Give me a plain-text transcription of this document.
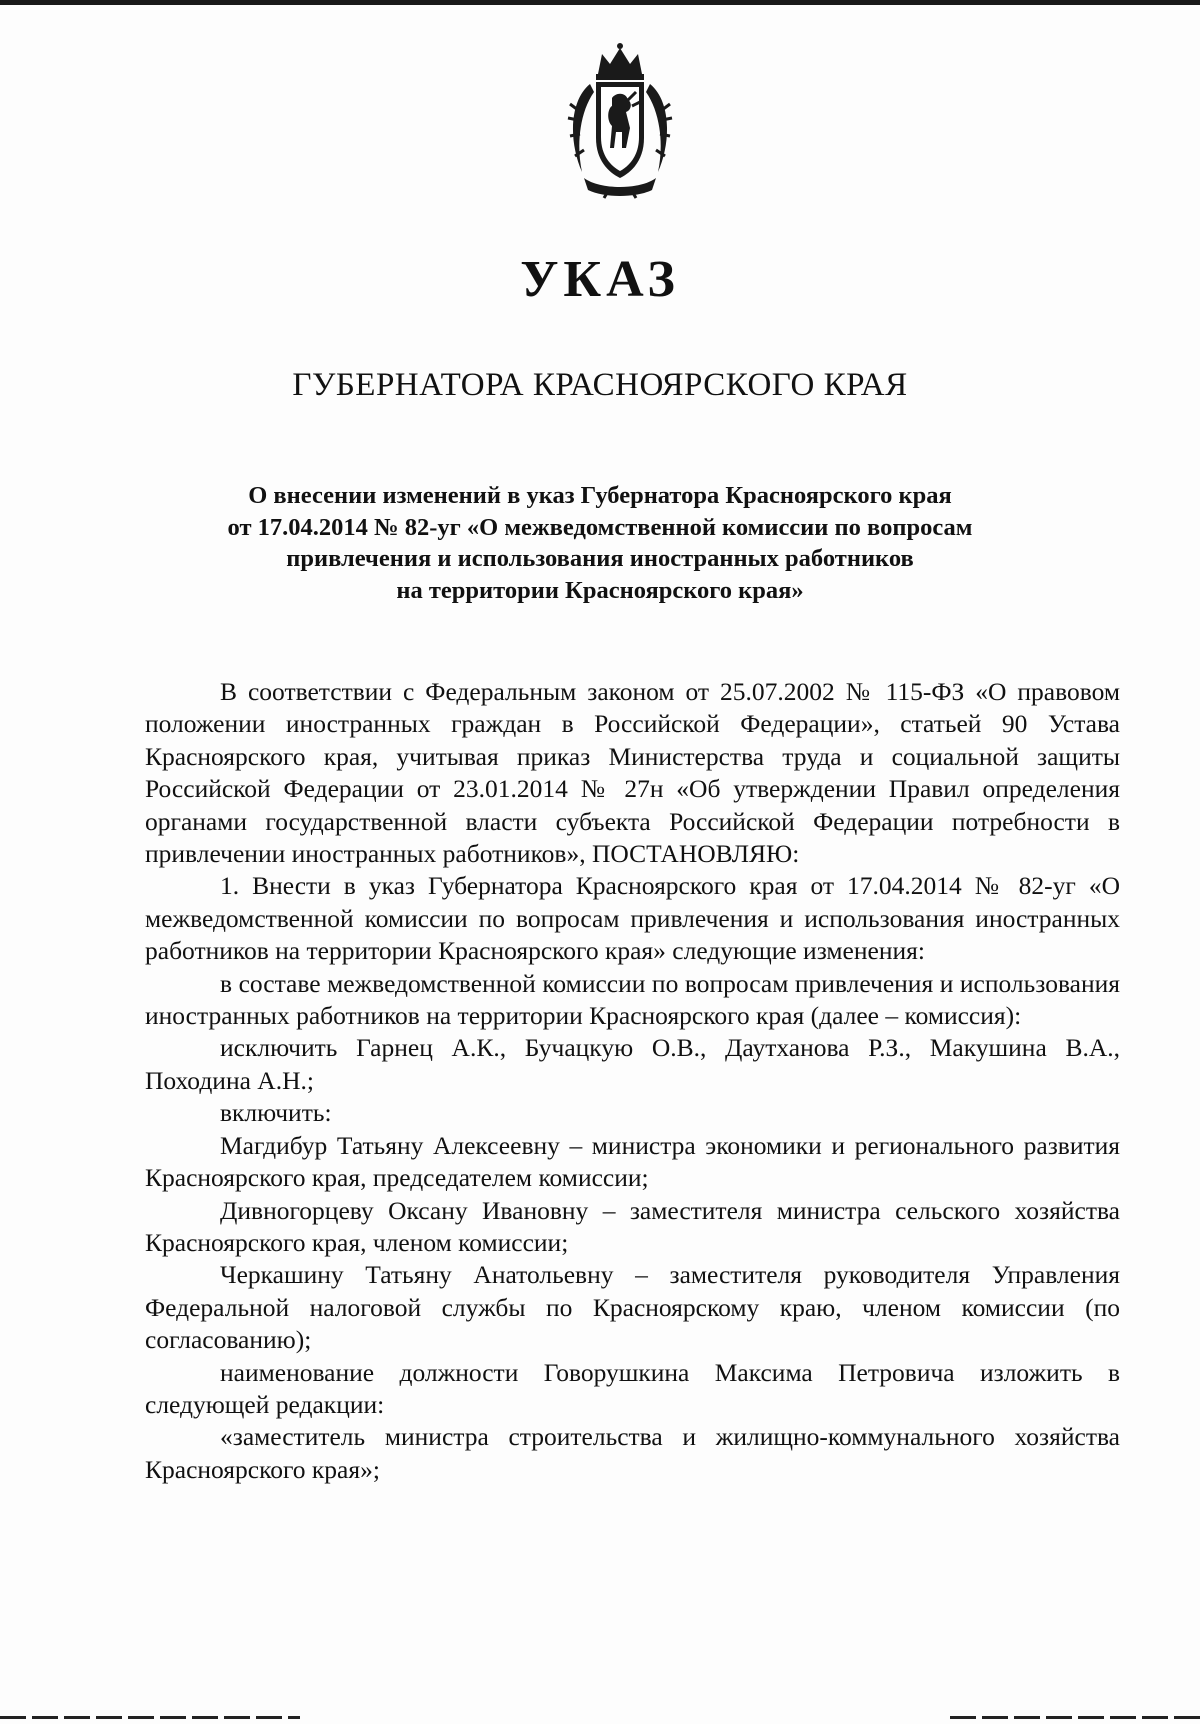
УКАЗ
ГУБЕРНАТОРА КРАСНОЯРСКОГО КРАЯ
О внесении изменений в указ Губернатора Красноярского края
от 17.04.2014 № 82-уг «О межведомственной комиссии по вопросам
привлечения и использования иностранных работников
на территории Красноярского края»

В соответствии с Федеральным законом от 25.07.2002 № 115-ФЗ «О правовом положении иностранных граждан в Российской Федерации», статьей 90 Устава Красноярского края, учитывая приказ Министерства труда и социальной защиты Российской Федерации от 23.01.2014 № 27н «Об утверждении Правил определения органами государственной власти субъекта Российской Федерации потребности в привлечении иностранных работников», ПОСТАНОВЛЯЮ:

1. Внести в указ Губернатора Красноярского края от 17.04.2014 № 82-уг «О межведомственной комиссии по вопросам привлечения и использования иностранных работников на территории Красноярского края» следующие изменения:

в составе межведомственной комиссии по вопросам привлечения и использования иностранных работников на территории Красноярского края (далее – комиссия):

исключить Гарнец А.К., Бучацкую О.В., Даутханова Р.З., Макушина В.А., Походина А.Н.;

включить:

Магдибур Татьяну Алексеевну – министра экономики и регионального развития Красноярского края, председателем комиссии;

Дивногорцеву Оксану Ивановну – заместителя министра сельского хозяйства Красноярского края, членом комиссии;

Черкашину Татьяну Анатольевну – заместителя руководителя Управления Федеральной налоговой службы по Красноярскому краю, членом комиссии (по согласованию);

наименование должности Говорушкина Максима Петровича изложить в следующей редакции:

«заместитель министра строительства и жилищно-коммунального хозяйства Красноярского края»;
